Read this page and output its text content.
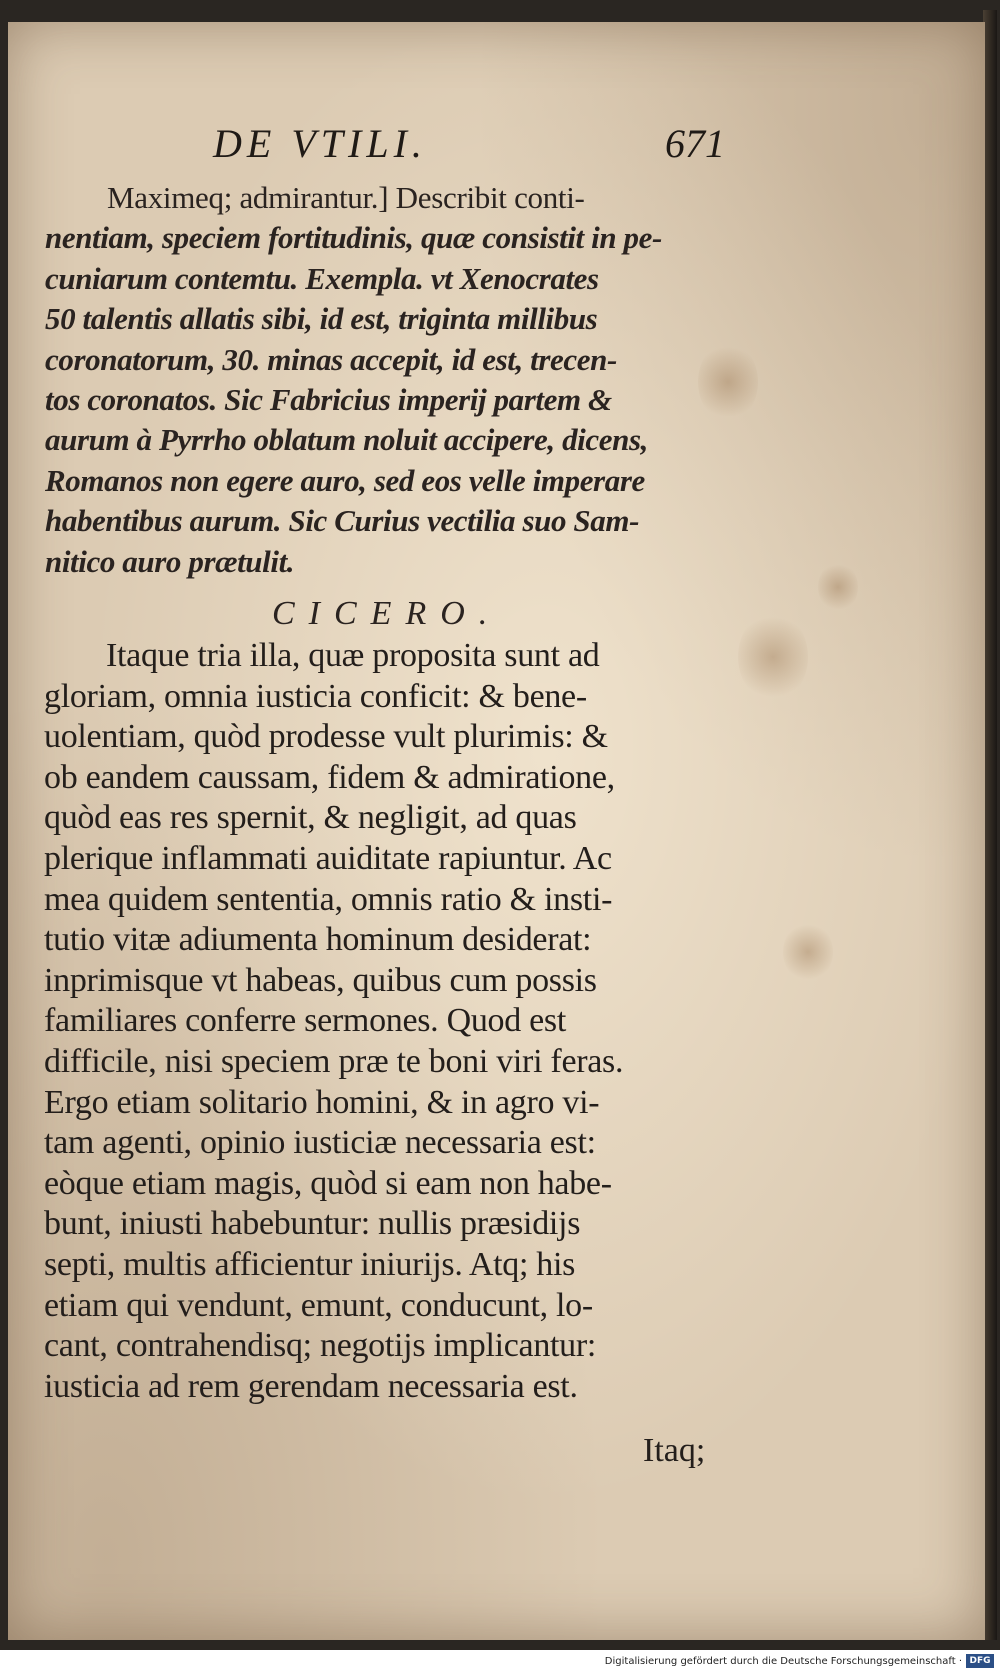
DE VTILI.	671
Maximeq; admirantur.] Describit conti-
nentiam, speciem fortitudinis, quæ consistit in pe-
cuniarum contemtu. Exempla. vt Xenocrates
50 talentis allatis sibi, id est, triginta millibus
coronatorum, 30. minas accepit, id est, trecen-
tos coronatos. Sic Fabricius imperij partem &
aurum à Pyrrho oblatum noluit accipere, dicens,
Romanos non egere auro, sed eos velle imperare
habentibus aurum. Sic Curius vectilia suo Sam-
nitico auro prætulit.
CICERO.
Itaque tria illa, quæ proposita sunt ad
gloriam, omnia iusticia conficit: & bene-
uolentiam, quòd prodesse vult plurimis: &
ob eandem caussam, fidem & admiratione,
quòd eas res spernit, & negligit, ad quas
plerique inflammati auiditate rapiuntur. Ac
mea quidem sententia, omnis ratio & insti-
tutio vitæ adiumenta hominum desiderat:
inprimisque vt habeas, quibus cum possis
familiares conferre sermones. Quod est
difficile, nisi speciem præ te boni viri feras.
Ergo etiam solitario homini, & in agro vi-
tam agenti, opinio iusticiæ necessaria est:
eòque etiam magis, quòd si eam non habe-
bunt, iniusti habebuntur: nullis præsidijs
septi, multis afficientur iniurijs. Atq; his
etiam qui vendunt, emunt, conducunt, lo-
cant, contrahendisq; negotijs implicantur:
iusticia ad rem gerendam necessaria est.
Itaq;
Digitalisierung gefördert durch die Deutsche Forschungsgemeinschaft · DFG
